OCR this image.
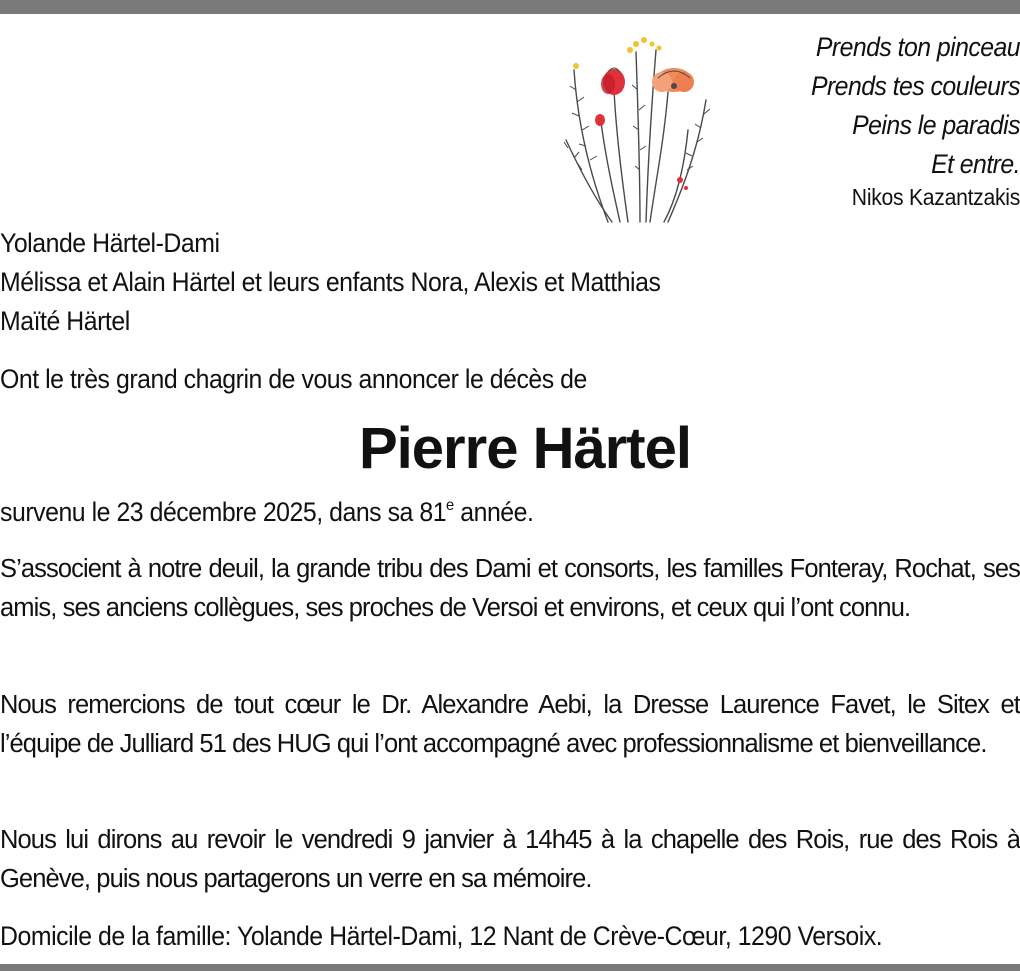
Prends ton pinceau
Prends tes couleurs
Peins le paradis
Et entre.
Nikos Kazantzakis
Yolande Härtel-Dami
Mélissa et Alain Härtel et leurs enfants Nora, Alexis et Matthias
Maïté Härtel
Ont le très grand chagrin de vous annoncer le décès de
Pierre Härtel
survenu le 23 décembre 2025, dans sa 81e année.
S’associent à notre deuil, la grande tribu des Dami et consorts, les familles Fonteray, Rochat, ses amis, ses anciens collègues, ses proches de Versoi et environs, et ceux qui l’ont connu.
Nous remercions de tout cœur le Dr. Alexandre Aebi, la Dresse Laurence Favet, le Sitex et l’équipe de Julliard 51 des HUG qui l’ont accompagné avec professionnalisme et bienveillance.
Nous lui dirons au revoir le vendredi 9 janvier à 14h45 à la chapelle des Rois, rue des Rois à Genève, puis nous partagerons un verre en sa mémoire.
Domicile de la famille: Yolande Härtel-Dami, 12 Nant de Crève-Cœur, 1290 Versoix.
